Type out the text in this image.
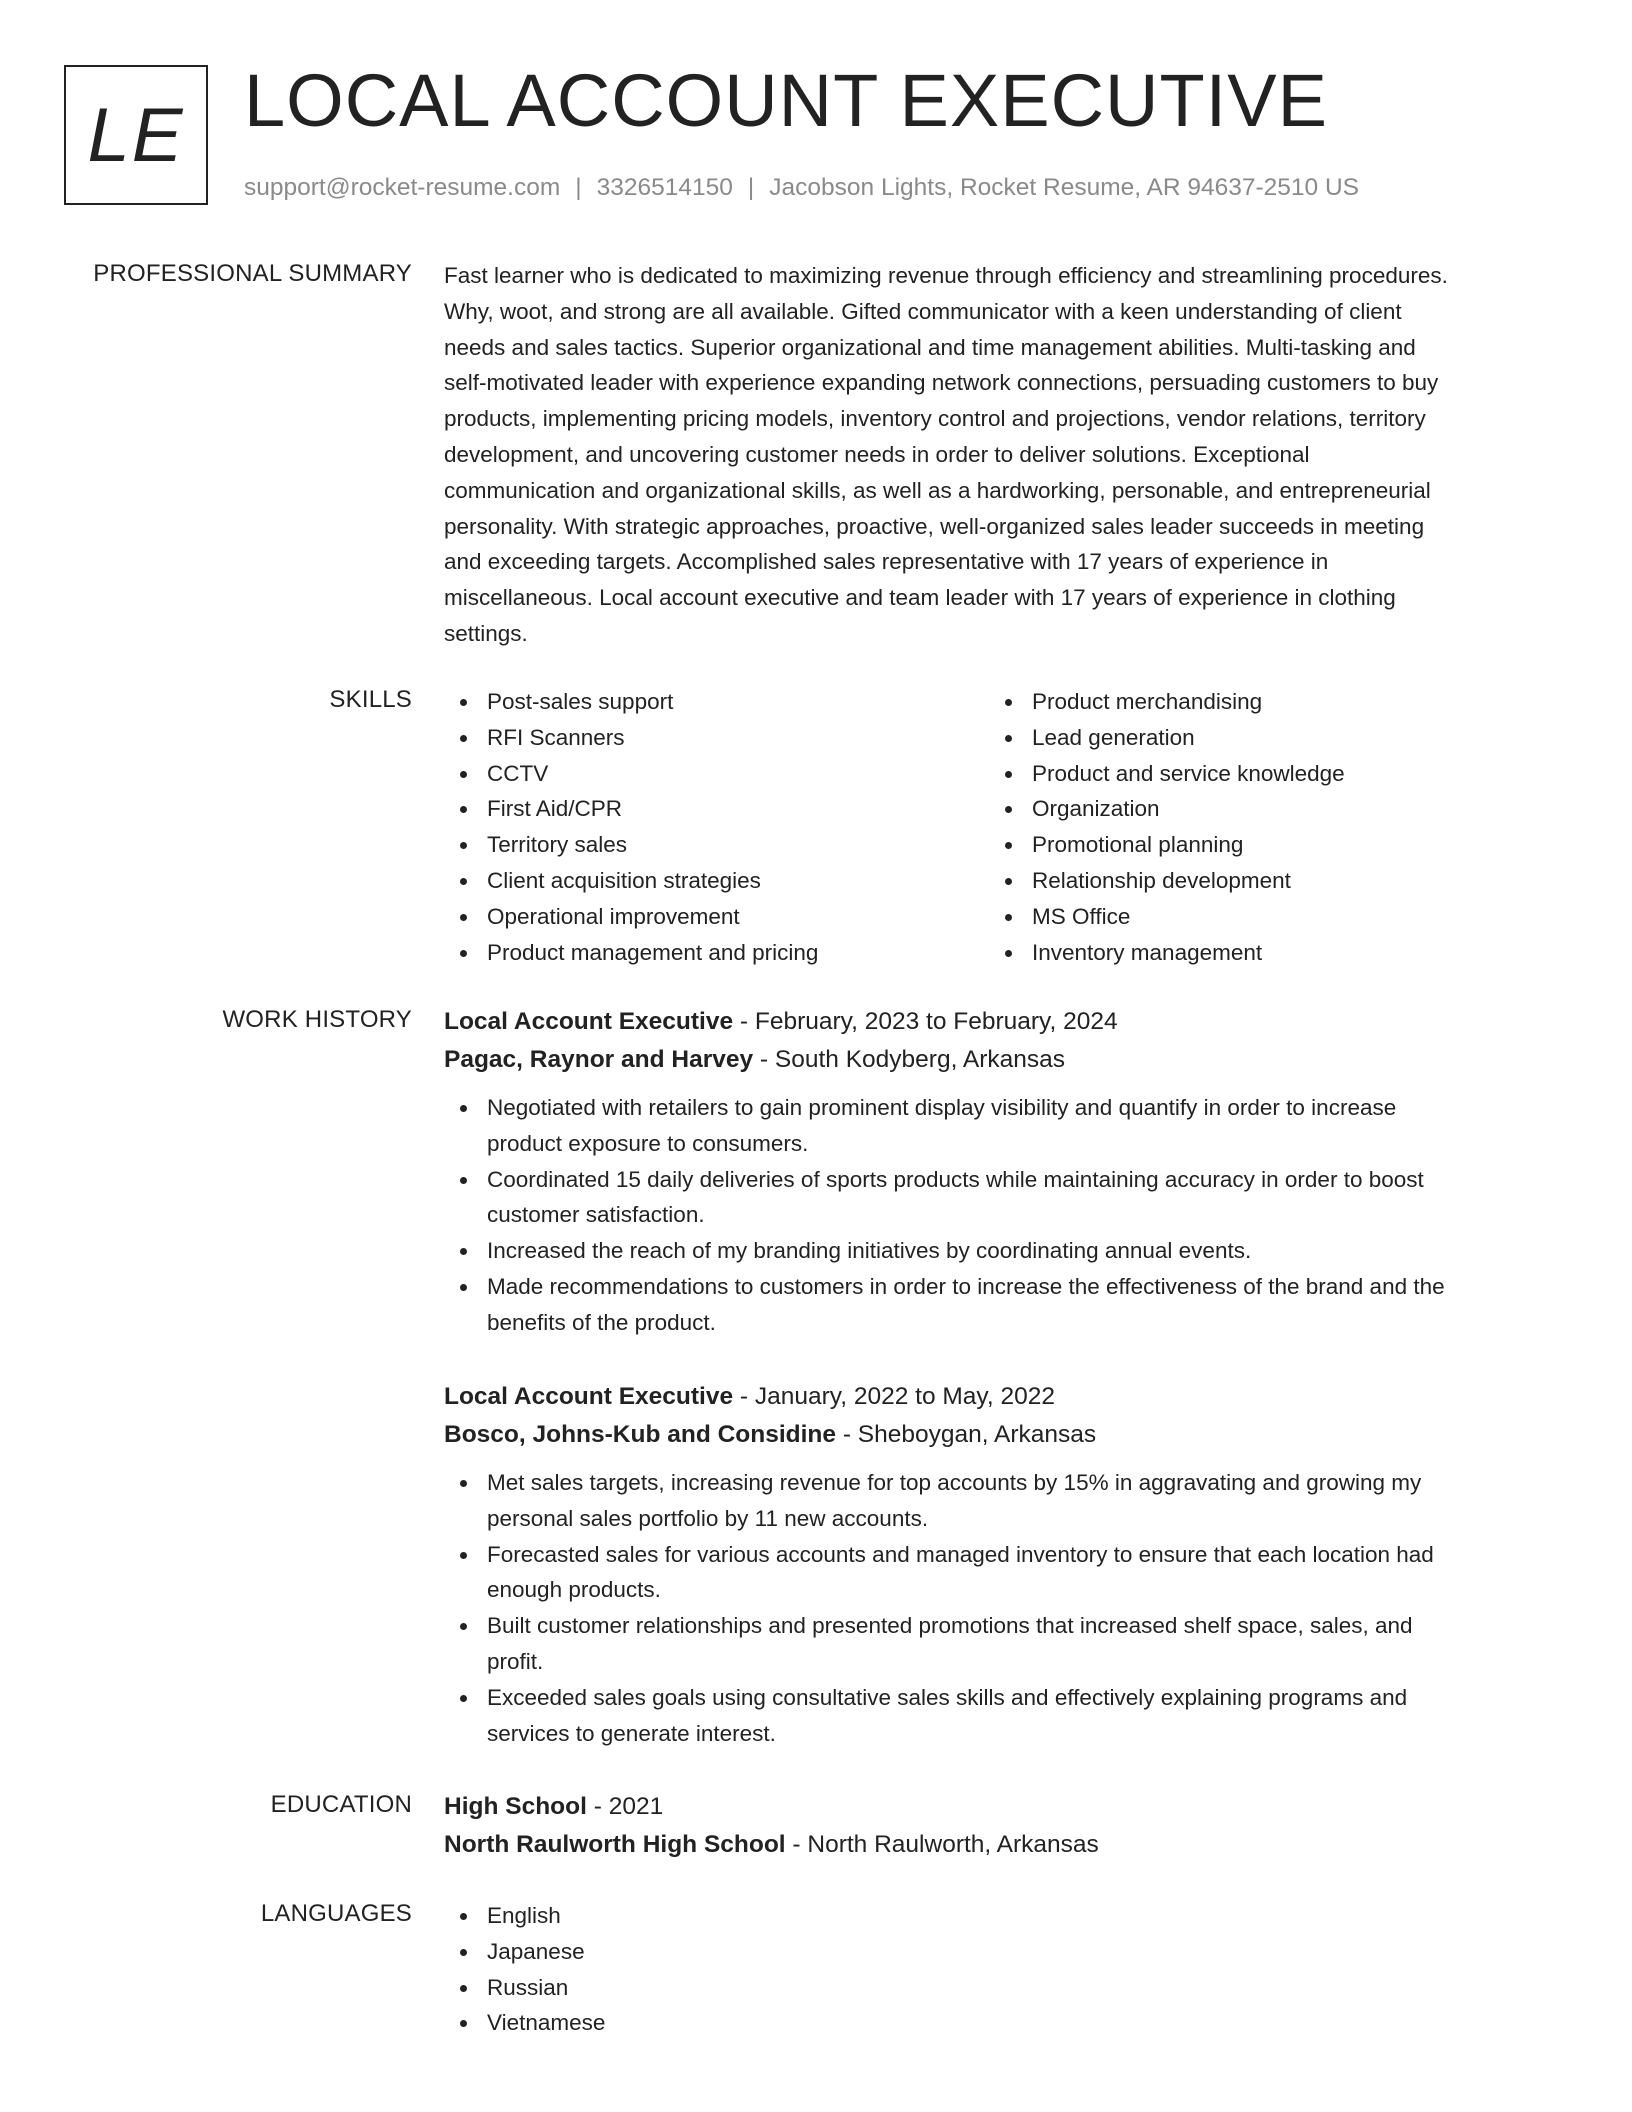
LE LOCAL ACCOUNT EXECUTIVE
support@rocket-resume.com | 3326514150 | Jacobson Lights, Rocket Resume, AR 94637-2510 US
PROFESSIONAL SUMMARY Fast learner who is dedicated to maximizing revenue through efficiency and streamlining procedures.
Why, woot, and strong are all available. Gifted communicator with a keen understanding of client
needs and sales tactics. Superior organizational and time management abilities. Multi-tasking and
self-motivated leader with experience expanding network connections, persuading customers to buy
products, implementing pricing models, inventory control and projections, vendor relations, territory
development, and uncovering customer needs in order to deliver solutions. Exceptional
communication and organizational skills, as well as a hardworking, personable, and entrepreneurial
personality. With strategic approaches, proactive, well-organized sales leader succeeds in meeting
and exceeding targets. Accomplished sales representative with 17 years of experience in
miscellaneous. Local account executive and team leader with 17 years of experience in clothing
settings.
SKILLS	Post-sales support
RFI Scanners
CCTV
First Aid/CPR
Territory sales
Client acquisition strategies
Operational improvement
Product management and pricing
Product merchandising
Lead generation
Product and service knowledge
Organization
Promotional planning
Relationship development
MS Office
Inventory management
WORK HISTORY Local Account Executive - February, 2023 to February, 2024
Pagac, Raynor and Harvey - South Kodyberg, Arkansas
Negotiated with retailers to gain prominent display visibility and quantify in order to increase
product exposure to consumers.
Coordinated 15 daily deliveries of sports products while maintaining accuracy in order to boost
customer satisfaction.
Increased the reach of my branding initiatives by coordinating annual events.
Made recommendations to customers in order to increase the effectiveness of the brand and the
benefits of the product.
Local Account Executive - January, 2022 to May, 2022
Bosco, Johns-Kub and Considine - Sheboygan, Arkansas
Met sales targets, increasing revenue for top accounts by 15% in aggravating and growing my
personal sales portfolio by 11 new accounts.
Forecasted sales for various accounts and managed inventory to ensure that each location had
enough products.
Built customer relationships and presented promotions that increased shelf space, sales, and
profit.
Exceeded sales goals using consultative sales skills and effectively explaining programs and
services to generate interest.
EDUCATION High School - 2021
North Raulworth High School - North Raulworth, Arkansas
LANGUAGES	English
Japanese
Russian
Vietnamese
